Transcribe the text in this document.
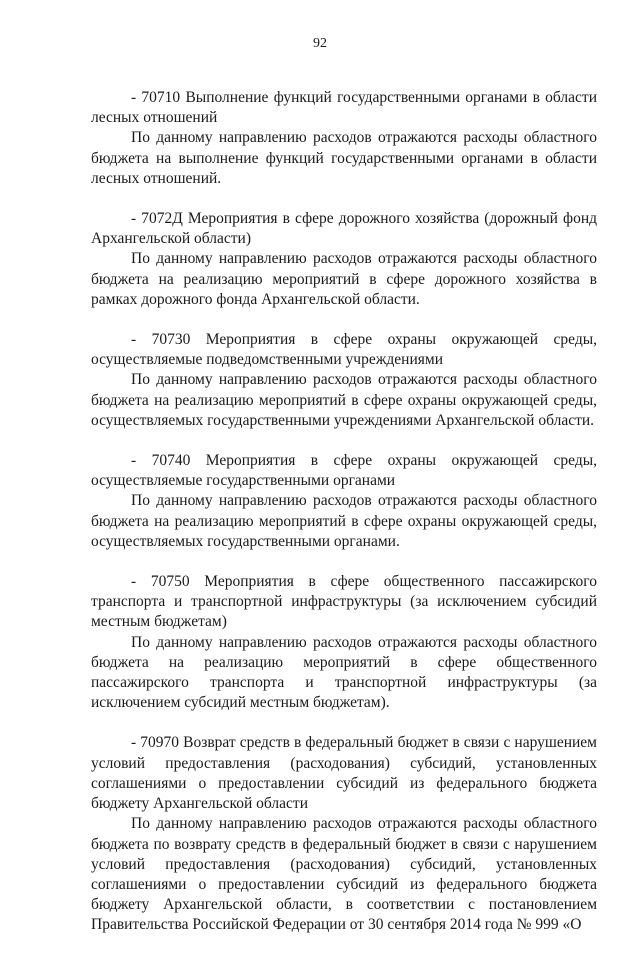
92

- 70710 Выполнение функций государственными органами в области лесных отношений

По данному направлению расходов отражаются расходы областного бюджета на выполнение функций государственными органами в области лесных отношений.

- 7072Д Мероприятия в сфере дорожного хозяйства (дорожный фонд Архангельской области)

По данному направлению расходов отражаются расходы областного бюджета на реализацию мероприятий в сфере дорожного хозяйства в рамках дорожного фонда Архангельской области.

- 70730 Мероприятия в сфере охраны окружающей среды, осуществляемые подведомственными учреждениями

По данному направлению расходов отражаются расходы областного бюджета на реализацию мероприятий в сфере охраны окружающей среды, осуществляемых государственными учреждениями Архангельской области.

- 70740 Мероприятия в сфере охраны окружающей среды, осуществляемые государственными органами

По данному направлению расходов отражаются расходы областного бюджета на реализацию мероприятий в сфере охраны окружающей среды, осуществляемых государственными органами.

- 70750 Мероприятия в сфере общественного пассажирского транспорта и транспортной инфраструктуры (за исключением субсидий местным бюджетам)

По данному направлению расходов отражаются расходы областного бюджета на реализацию мероприятий в сфере общественного пассажирского транспорта и транспортной инфраструктуры (за исключением субсидий местным бюджетам).

- 70970 Возврат средств в федеральный бюджет в связи с нарушением условий предоставления (расходования) субсидий, установленных соглашениями о предоставлении субсидий из федерального бюджета бюджету Архангельской области

По данному направлению расходов отражаются расходы областного бюджета по возврату средств в федеральный бюджет в связи с нарушением условий предоставления (расходования) субсидий, установленных соглашениями о предоставлении субсидий из федерального бюджета бюджету Архангельской области, в соответствии с постановлением Правительства Российской Федерации от 30 сентября 2014 года № 999 «О
